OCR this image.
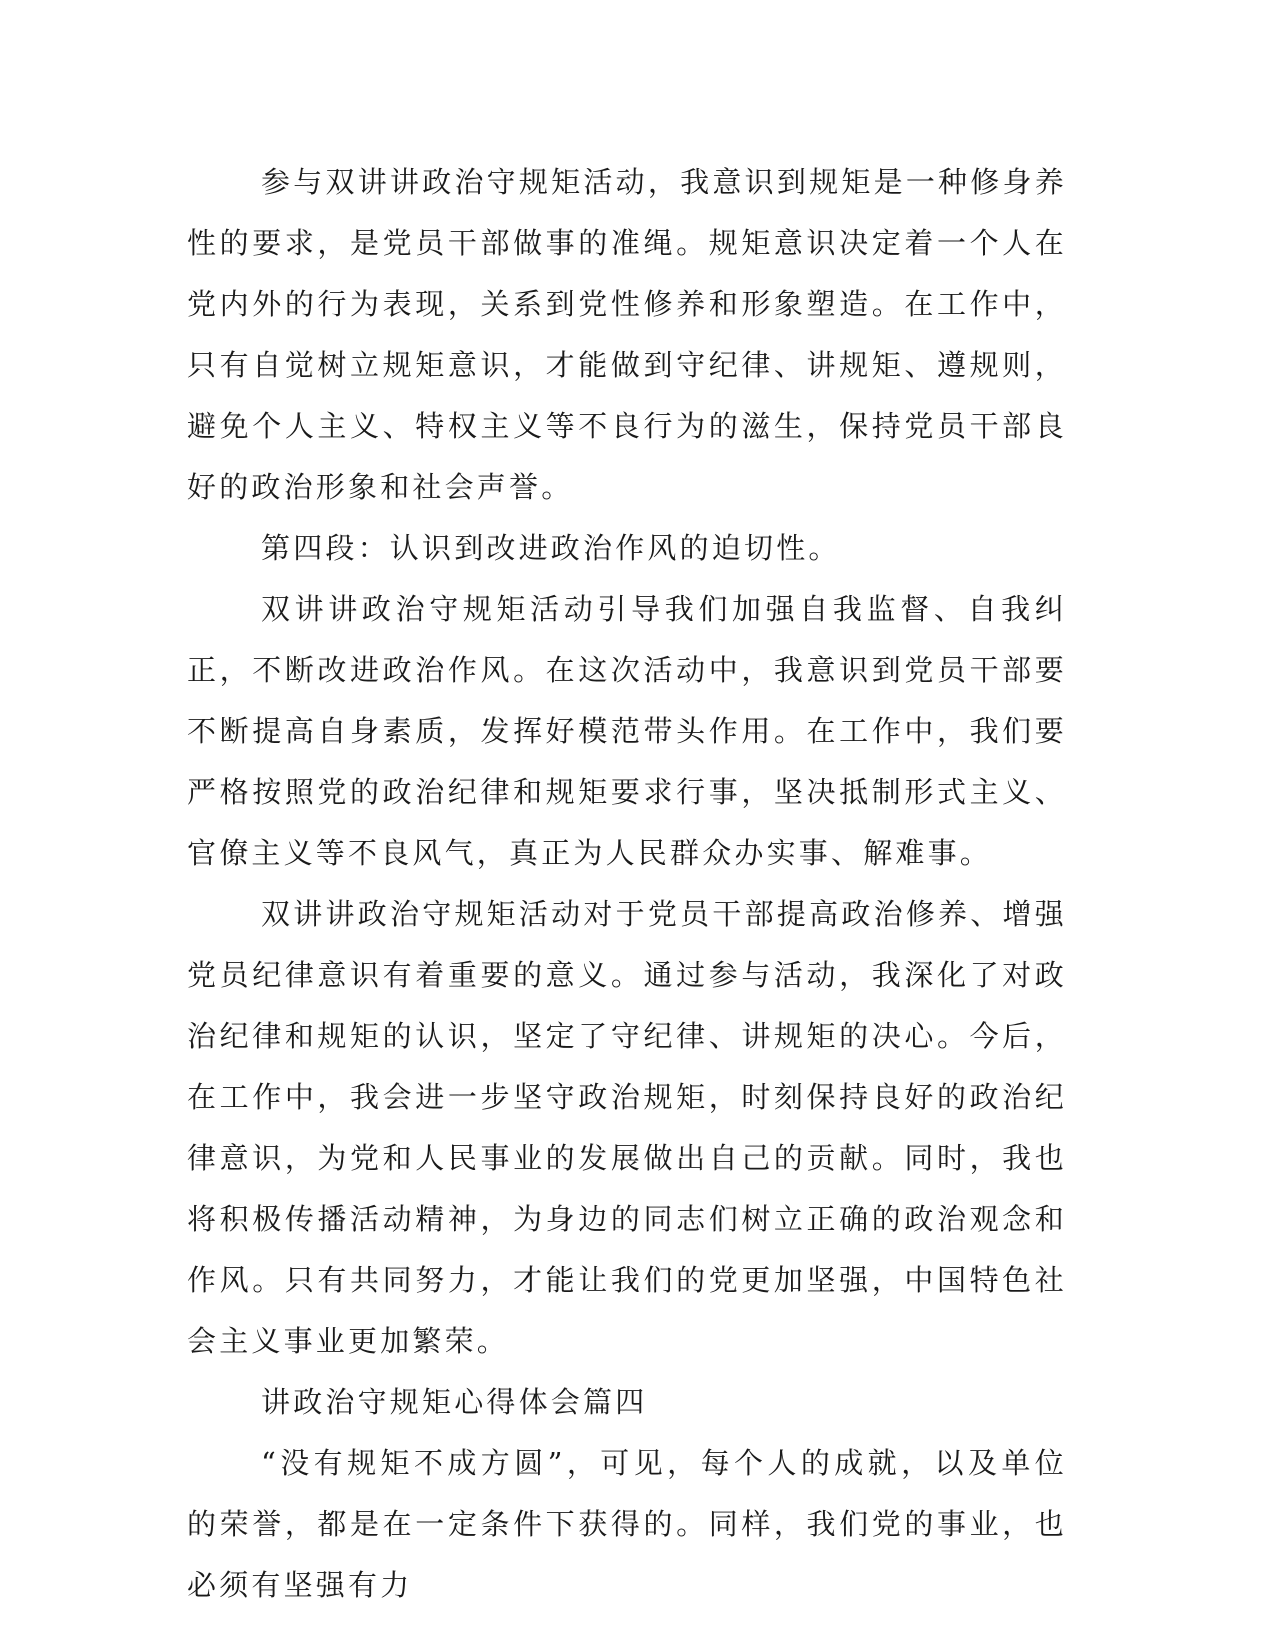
参与双讲讲政治守规矩活动，我意识到规矩是一种修身养性的要求，是党员干部做事的准绳。规矩意识决定着一个人在党内外的行为表现，关系到党性修养和形象塑造。在工作中，只有自觉树立规矩意识，才能做到守纪律、讲规矩、遵规则，避免个人主义、特权主义等不良行为的滋生，保持党员干部良好的政治形象和社会声誉。

第四段：认识到改进政治作风的迫切性。

双讲讲政治守规矩活动引导我们加强自我监督、自我纠正，不断改进政治作风。在这次活动中，我意识到党员干部要不断提高自身素质，发挥好模范带头作用。在工作中，我们要严格按照党的政治纪律和规矩要求行事，坚决抵制形式主义、官僚主义等不良风气，真正为人民群众办实事、解难事。

双讲讲政治守规矩活动对于党员干部提高政治修养、增强党员纪律意识有着重要的意义。通过参与活动，我深化了对政治纪律和规矩的认识，坚定了守纪律、讲规矩的决心。今后，在工作中，我会进一步坚守政治规矩，时刻保持良好的政治纪律意识，为党和人民事业的发展做出自己的贡献。同时，我也将积极传播活动精神，为身边的同志们树立正确的政治观念和作风。只有共同努力，才能让我们的党更加坚强，中国特色社会主义事业更加繁荣。

讲政治守规矩心得体会篇四

“没有规矩不成方圆”，可见，每个人的成就，以及单位的荣誉，都是在一定条件下获得的。同样，我们党的事业，也必须有坚强有力
